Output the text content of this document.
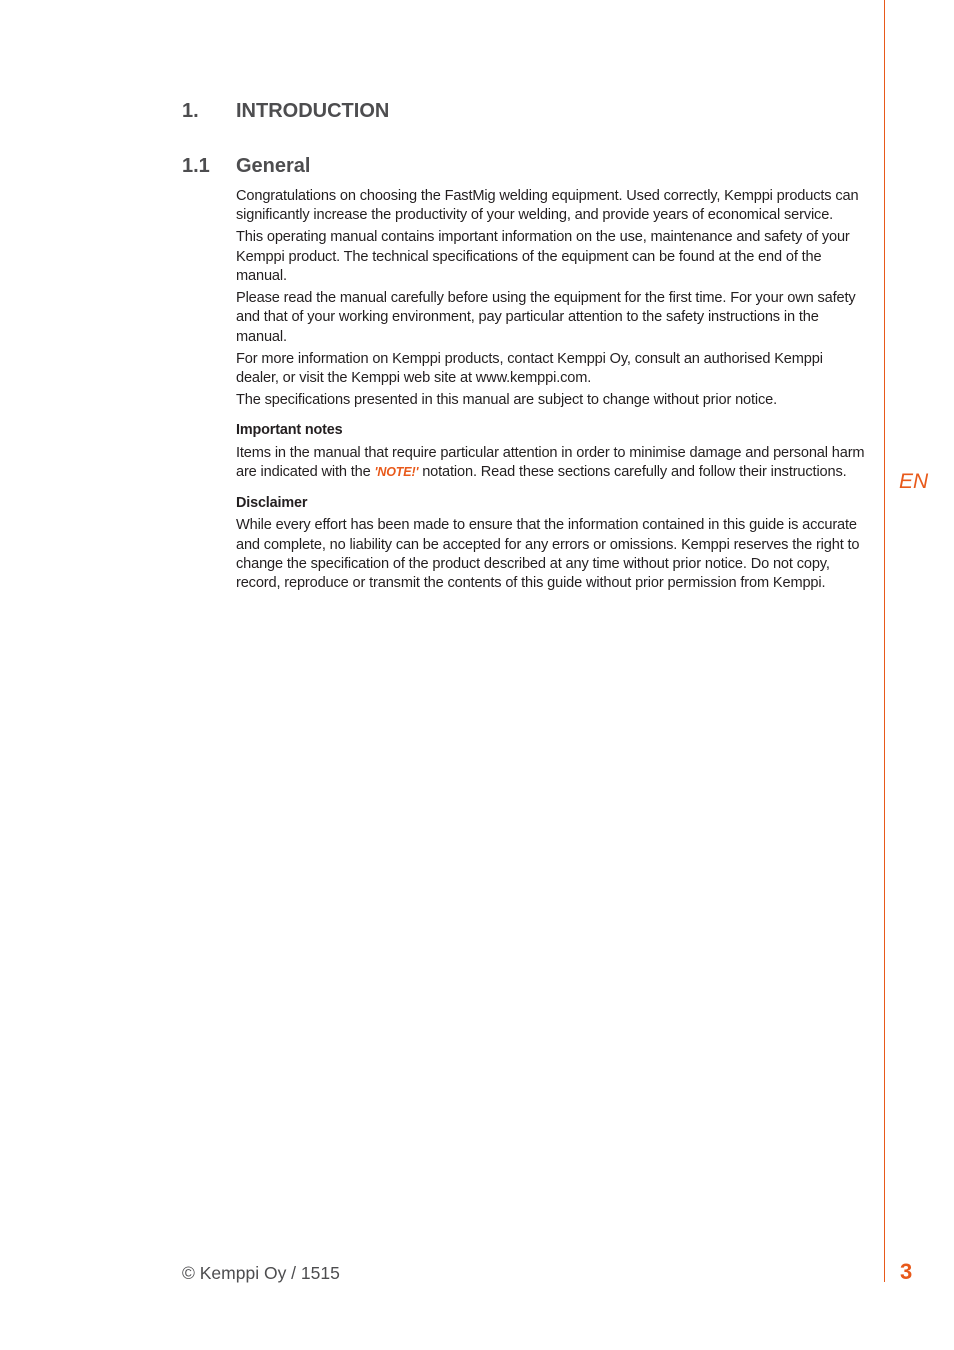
EN
1. INTRODUCTION
1.1 General

Congratulations on choosing the FastMig welding equipment. Used correctly, Kemppi products can significantly increase the productivity of your welding, and provide years of economical service.

This operating manual contains important information on the use, maintenance and safety of your Kemppi product. The technical specifications of the equipment can be found at the end of the manual.

Please read the manual carefully before using the equipment for the first time. For your own safety and that of your working environment, pay particular attention to the safety instructions in the manual.

For more information on Kemppi products, contact Kemppi Oy, consult an authorised Kemppi dealer, or visit the Kemppi web site at www.kemppi.com.

The specifications presented in this manual are subject to change without prior notice.

Important notes

Items in the manual that require particular attention in order to minimise damage and personal harm are indicated with the 'NOTE!' notation. Read these sections carefully and follow their instructions.

Disclaimer

While every effort has been made to ensure that the information contained in this guide is accurate and complete, no liability can be accepted for any errors or omissions. Kemppi reserves the right to change the specification of the product described at any time without prior notice. Do not copy, record, reproduce or transmit the contents of this guide without prior permission from Kemppi.

© Kemppi Oy / 1515	3
